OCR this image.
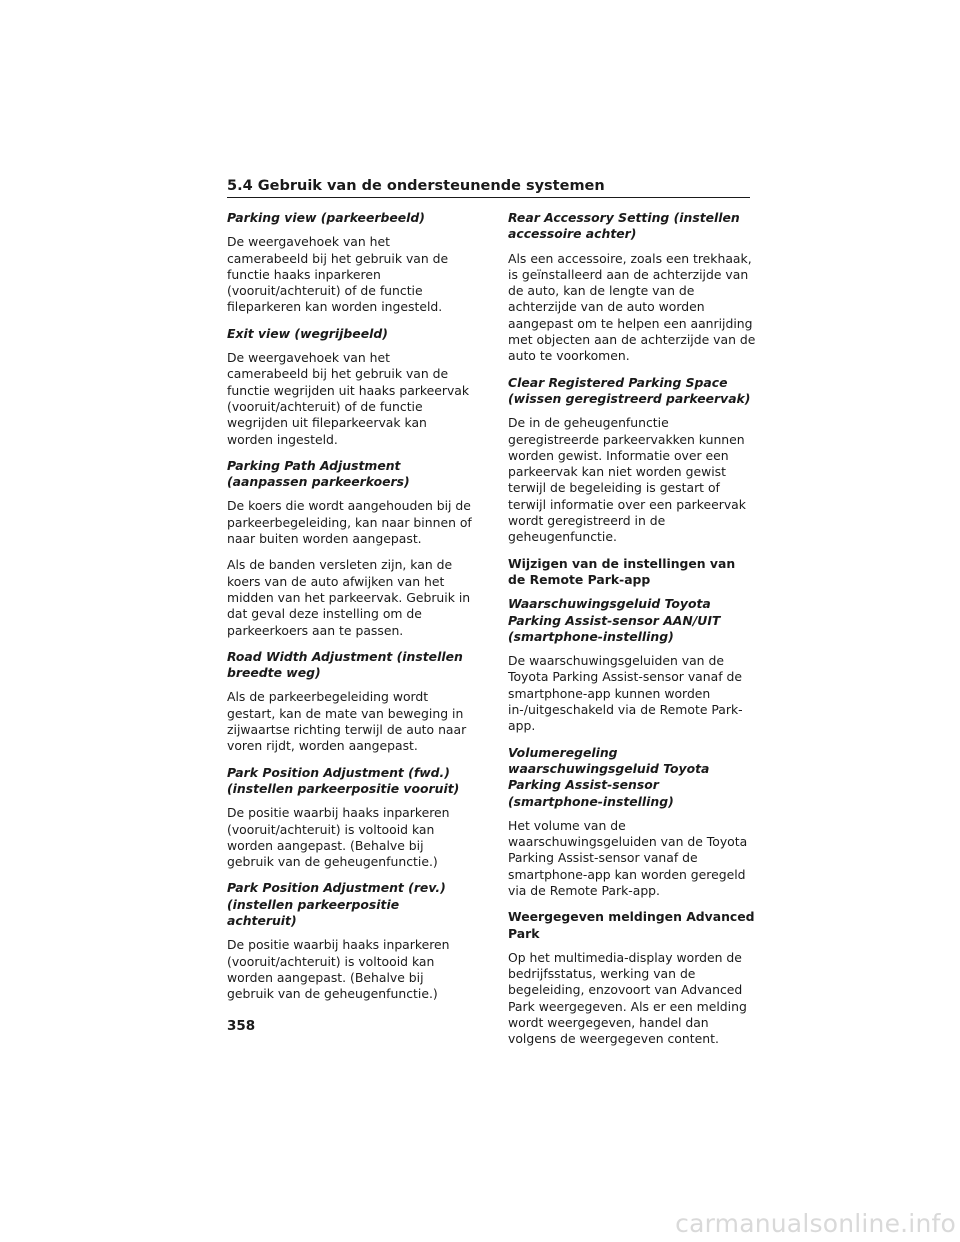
5.4 Gebruik van de ondersteunende systemen
Parking view (parkeerbeeld)
De weergavehoek van het camerabeeld bij het gebruik van de functie haaks inparkeren (vooruit/achteruit) of de functie fileparkeren kan worden ingesteld.
Exit view (wegrijbeeld)
De weergavehoek van het camerabeeld bij het gebruik van de functie wegrijden uit haaks parkeervak (vooruit/achteruit) of de functie wegrijden uit fileparkeervak kan worden ingesteld.
Parking Path Adjustment (aanpassen parkeerkoers)
De koers die wordt aangehouden bij de parkeerbegeleiding, kan naar binnen of naar buiten worden aangepast.
Als de banden versleten zijn, kan de koers van de auto afwijken van het midden van het parkeervak. Gebruik in dat geval deze instelling om de parkeerkoers aan te passen.
Road Width Adjustment (instellen breedte weg)
Als de parkeerbegeleiding wordt gestart, kan de mate van beweging in zijwaartse richting terwijl de auto naar voren rijdt, worden aangepast.
Park Position Adjustment (fwd.) (instellen parkeerpositie vooruit)
De positie waarbij haaks inparkeren (vooruit/achteruit) is voltooid kan worden aangepast. (Behalve bij gebruik van de geheugenfunctie.)
Park Position Adjustment (rev.) (instellen parkeerpositie achteruit)
De positie waarbij haaks inparkeren (vooruit/achteruit) is voltooid kan worden aangepast. (Behalve bij gebruik van de geheugenfunctie.)
Rear Accessory Setting (instellen accessoire achter)
Als een accessoire, zoals een trekhaak, is geïnstalleerd aan de achterzijde van de auto, kan de lengte van de achterzijde van de auto worden aangepast om te helpen een aanrijding met objecten aan de achterzijde van de auto te voorkomen.
Clear Registered Parking Space (wissen geregistreerd parkeervak)
De in de geheugenfunctie geregistreerde parkeervakken kunnen worden gewist. Informatie over een parkeervak kan niet worden gewist terwijl de begeleiding is gestart of terwijl informatie over een parkeervak wordt geregistreerd in de geheugenfunctie.
Wijzigen van de instellingen van de Remote Park-app
Waarschuwingsgeluid Toyota Parking Assist-sensor AAN/UIT (smartphone-instelling)
De waarschuwingsgeluiden van de Toyota Parking Assist-sensor vanaf de smartphone-app kunnen worden in-/uitgeschakeld via de Remote Park-app.
Volumeregeling waarschuwingsgeluid Toyota Parking Assist-sensor (smartphone-instelling)
Het volume van de waarschuwingsgeluiden van de Toyota Parking Assist-sensor vanaf de smartphone-app kan worden geregeld via de Remote Park-app.
Weergegeven meldingen Advanced Park
Op het multimedia-display worden de bedrijfsstatus, werking van de begeleiding, enzovoort van Advanced Park weergegeven. Als er een melding wordt weergegeven, handel dan volgens de weergegeven content.
358
carmanualsonline.info
